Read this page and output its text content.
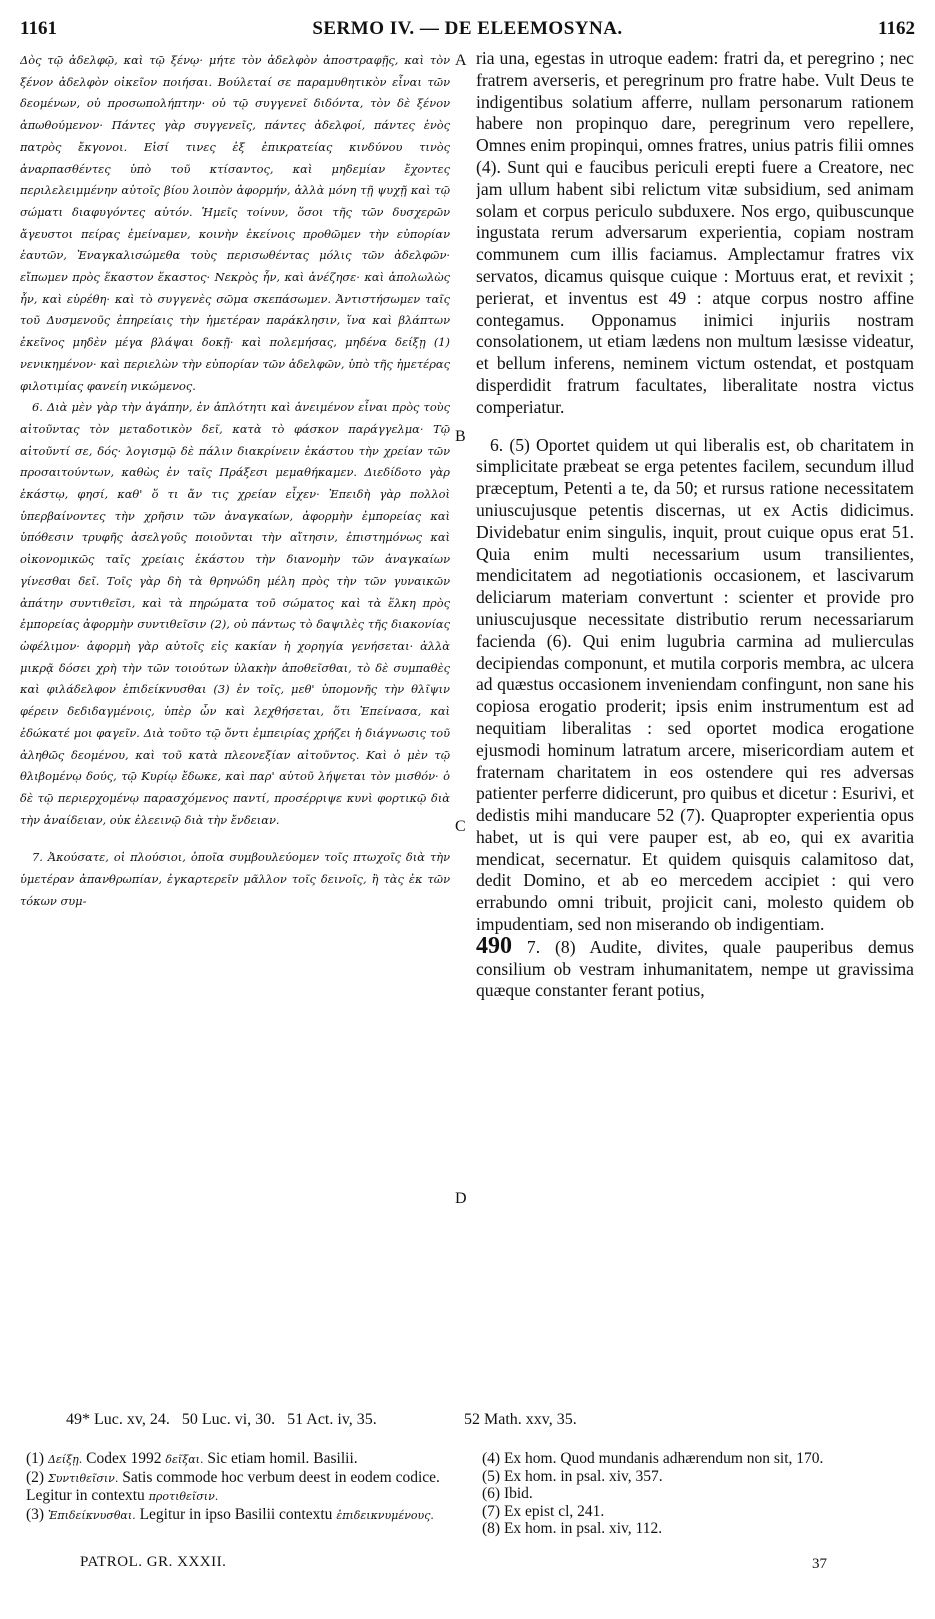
1161	SERMO IV. — DE ELEEMOSYNA.	1162

Δὸς τῷ ἀδελφῷ, καὶ τῷ ξένῳ· μήτε τὸν ἀδελφὸν ἀποστραφῇς, καὶ τὸν ξένον ἀδελφὸν οἰκεῖον ποιήσαι. Βούλεταί σε παραμυθητικὸν εἶναι τῶν δεομένων, οὐ προσωπολήπτην· οὐ τῷ συγγενεῖ διδόντα, τὸν δὲ ξένον ἀπωθούμενον· Πάντες γὰρ συγγενεῖς, πάντες ἀδελφοί, πάντες ἑνὸς πατρὸς ἔκγονοι. Εἰσί τινες ἐξ ἐπικρατείας κινδύνου τινὸς ἀναρπασθέντες ὑπὸ τοῦ κτίσαντος, καὶ μηδεμίαν ἔχοντες περιλελειμμένην αὐτοῖς βίου λοιπὸν ἀφορμήν, ἀλλὰ μόνη τῇ ψυχῇ καὶ τῷ σώματι διαφυγόντες αὐτόν. Ἡμεῖς τοίνυν, ὅσοι τῆς τῶν δυσχερῶν ἄγευστοι πείρας ἐμείναμεν, κοινὴν ἐκείνοις προθῶμεν τὴν εὐπορίαν ἑαυτῶν, Ἐναγκαλισώμεθα τοὺς περισωθέντας μόλις τῶν ἀδελφῶν· εἴπωμεν πρὸς ἕκαστον ἕκαστος· Νεκρὸς ἦν, καὶ ἀνέζησε· καὶ ἀπολωλὼς ἦν, καὶ εὑρέθη· καὶ τὸ συγγενὲς σῶμα σκεπάσωμεν. Ἀντιστήσωμεν ταῖς τοῦ Δυσμενοῦς ἐπηρείαις τὴν ἡμετέραν παράκλησιν, ἵνα καὶ βλάπτων ἐκεῖνος μηδὲν μέγα βλάψαι δοκῇ· καὶ πολεμήσας, μηδένα δείξῃ (1) νενικημένον· καὶ περιελὼν τὴν εὐπορίαν τῶν ἀδελφῶν, ὑπὸ τῆς ἡμετέρας φιλοτιμίας φανείη νικώμενος.

6. Διὰ μὲν γὰρ τὴν ἀγάπην, ἐν ἁπλότητι καὶ ἀνειμένον εἶναι πρὸς τοὺς αἰτοῦντας τὸν μεταδοτικὸν δεῖ, κατὰ τὸ φάσκον παράγγελμα· Τῷ αἰτοῦντί σε, δός· λογισμῷ δὲ πάλιν διακρίνειν ἑκάστου τὴν χρείαν τῶν προσαιτούντων, καθὼς ἐν ταῖς Πράξεσι μεμαθήκαμεν. Διεδίδοτο γὰρ ἑκάστῳ, φησί, καθ' ὅ τι ἄν τις χρείαν εἶχεν· Ἐπειδὴ γὰρ πολλοὶ ὑπερβαίνοντες τὴν χρῆσιν τῶν ἀναγκαίων, ἀφορμὴν ἐμπορείας καὶ ὑπόθεσιν τρυφῆς ἀσελγοῦς ποιοῦνται τὴν αἴτησιν, ἐπιστημόνως καὶ οἰκονομικῶς ταῖς χρείαις ἑκάστου τὴν διανομὴν τῶν ἀναγκαίων γίνεσθαι δεῖ. Τοῖς γὰρ δὴ τὰ θρηνώδη μέλη πρὸς τὴν τῶν γυναικῶν ἀπάτην συντιθεῖσι, καὶ τὰ πηρώματα τοῦ σώματος καὶ τὰ ἕλκη πρὸς ἐμπορείας ἀφορμὴν συντιθεῖσιν (2), οὐ πάντως τὸ δαψιλὲς τῆς διακονίας ὠφέλιμον· ἀφορμὴ γὰρ αὐτοῖς εἰς κακίαν ἡ χορηγία γενήσεται· ἀλλὰ μικρᾷ δόσει χρὴ τὴν τῶν τοιούτων ὑλακὴν ἀποθεῖσθαι, τὸ δὲ συμπαθὲς καὶ φιλάδελφον ἐπιδείκνυσθαι (3) ἐν τοῖς, μεθ' ὑπομονῆς τὴν θλῖψιν φέρειν δεδιδαγμένοις, ὑπὲρ ὧν καὶ λεχθήσεται, ὅτι Ἐπείνασα, καὶ ἐδώκατέ μοι φαγεῖν. Διὰ τοῦτο τῷ ὄντι ἐμπειρίας χρήζει ἡ διάγνωσις τοῦ ἀληθῶς δεομένου, καὶ τοῦ κατὰ πλεονεξίαν αἰτοῦντος. Καὶ ὁ μὲν τῷ θλιβομένῳ δούς, τῷ Κυρίῳ ἔδωκε, καὶ παρ' αὐτοῦ λήψεται τὸν μισθόν· ὁ δὲ τῷ περιερχομένῳ παρασχόμενος παντί, προσέρριψε κυνὶ φορτικῷ διὰ τὴν ἀναίδειαν, οὐκ ἐλεεινῷ διὰ τὴν ἔνδειαν.

7. Ἀκούσατε, οἱ πλούσιοι, ὁποῖα συμβουλεύομεν τοῖς πτωχοῖς διὰ τὴν ὑμετέραν ἀπανθρωπίαν, ἐγκαρτερεῖν μᾶλλον τοῖς δεινοῖς, ἢ τὰς ἐκ τῶν τόκων συμ-

A
B
C
D

ria una, egestas in utroque eadem: fratri da, et peregrino ; nec fratrem averseris, et peregrinum pro fratre habe. Vult Deus te indigentibus solatium afferre, nullam personarum rationem habere non propinquo dare, peregrinum vero repellere, Omnes enim propinqui, omnes fratres, unius patris filii omnes (4). Sunt qui e faucibus periculi erepti fuere a Creatore, nec jam ullum habent sibi relictum vitæ subsidium, sed animam solam et corpus periculo subduxere. Nos ergo, quibuscunque ingustata rerum adversarum experientia, copiam nostram communem cum illis faciamus. Amplectamur fratres vix servatos, dicamus quisque cuique : Mortuus erat, et revixit ; perierat, et inventus est 49 : atque corpus nostro affine contegamus. Opponamus inimici injuriis nostram consolationem, ut etiam lædens non multum læsisse videatur, et bellum inferens, neminem victum ostendat, et postquam disperdidit fratrum facultates, liberalitate nostra victus comperiatur.

6. (5) Oportet quidem ut qui liberalis est, ob charitatem in simplicitate præbeat se erga petentes facilem, secundum illud præceptum, Petenti a te, da 50; et rursus ratione necessitatem uniuscujusque petentis discernas, ut ex Actis didicimus. Dividebatur enim singulis, inquit, prout cuique opus erat 51. Quia enim multi necessarium usum transilientes, mendicitatem ad negotiationis occasionem, et lascivarum deliciarum materiam convertunt : scienter et provide pro uniuscujusque necessitate distributio rerum necessariarum facienda (6). Qui enim lugubria carmina ad mulierculas decipiendas componunt, et mutila corporis membra, ac ulcera ad quæstus occasionem inveniendam confingunt, non sane his copiosa erogatio proderit; ipsis enim instrumentum est ad nequitiam liberalitas : sed oportet modica erogatione ejusmodi hominum latratum arcere, misericordiam autem et fraternam charitatem in eos ostendere qui res adversas patienter perferre didicerunt, pro quibus et dicetur : Esurivi, et dedistis mihi manducare 52 (7). Quapropter experientia opus habet, ut is qui vere pauper est, ab eo, qui ex avaritia mendicat, secernatur. Et quidem quisquis calamitoso dat, dedit Domino, et ab eo mercedem accipiet : qui vero errabundo omni tribuit, projicit cani, molesto quidem ob impudentiam, sed non miserando ob indigentiam.

490 7. (8) Audite, divites, quale pauperibus demus consilium ob vestram inhumanitatem, nempe ut gravissima quæque constanter ferant potius,

49* Luc. xv, 24.   50 Luc. vi, 30.   51 Act. iv, 35.	52 Math. xxv, 35.

(1) Δείξῃ. Codex 1992 δεῖξαι. Sic etiam homil. Basilii.

(2) Συντιθεῖσιν. Satis commode hoc verbum deest in eodem codice. Legitur in contextu προτιθεῖσιν.

(3) Ἐπιδείκνυσθαι. Legitur in ipso Basilii contextu ἐπιδεικνυμένους.

(4) Ex hom. Quod mundanis adhærendum non sit, 170.

(5) Ex hom. in psal. xiv, 357.

(6) Ibid.

(7) Ex epist cl, 241.

(8) Ex hom. in psal. xiv, 112.

PATROL. GR. XXXII.	37
